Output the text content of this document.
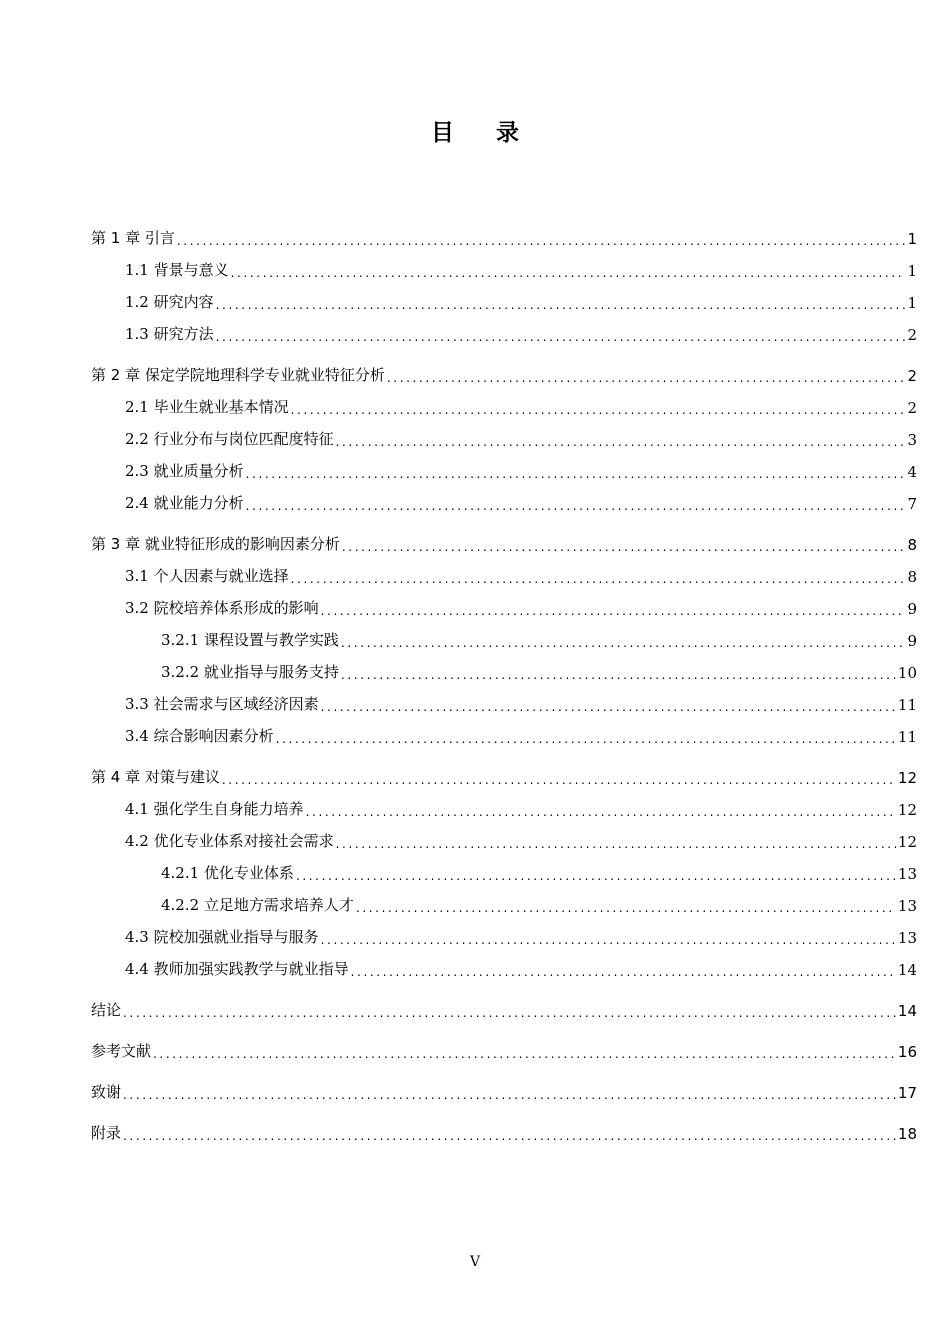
目录
第 1 章 引言 .....	1
1.1 背景与意义 .....	1
1.2 研究内容 .....	1
1.3 研究方法 .....	2
第 2 章 保定学院地理科学专业就业特征分析 .....	2
2.1 毕业生就业基本情况 .....	2
2.2 行业分布与岗位匹配度特征 .....	3
2.3 就业质量分析 .....	4
2.4 就业能力分析 .....	7
第 3 章 就业特征形成的影响因素分析 .....	8
3.1 个人因素与就业选择 .....	8
3.2 院校培养体系形成的影响 .....	9
3.2.1 课程设置与教学实践 .....	9
3.2.2 就业指导与服务支持 .....	10
3.3 社会需求与区域经济因素 .....	11
3.4 综合影响因素分析 .....	11
第 4 章 对策与建议 .....	12
4.1 强化学生自身能力培养 .....	12
4.2 优化专业体系对接社会需求 .....	12
4.2.1 优化专业体系 .....	13
4.2.2 立足地方需求培养人才 .....	13
4.3 院校加强就业指导与服务 .....	13
4.4 教师加强实践教学与就业指导 .....	14
结论 .....	14
参考文献 .....	16
致谢 .....	17
附录 .....	18
V
